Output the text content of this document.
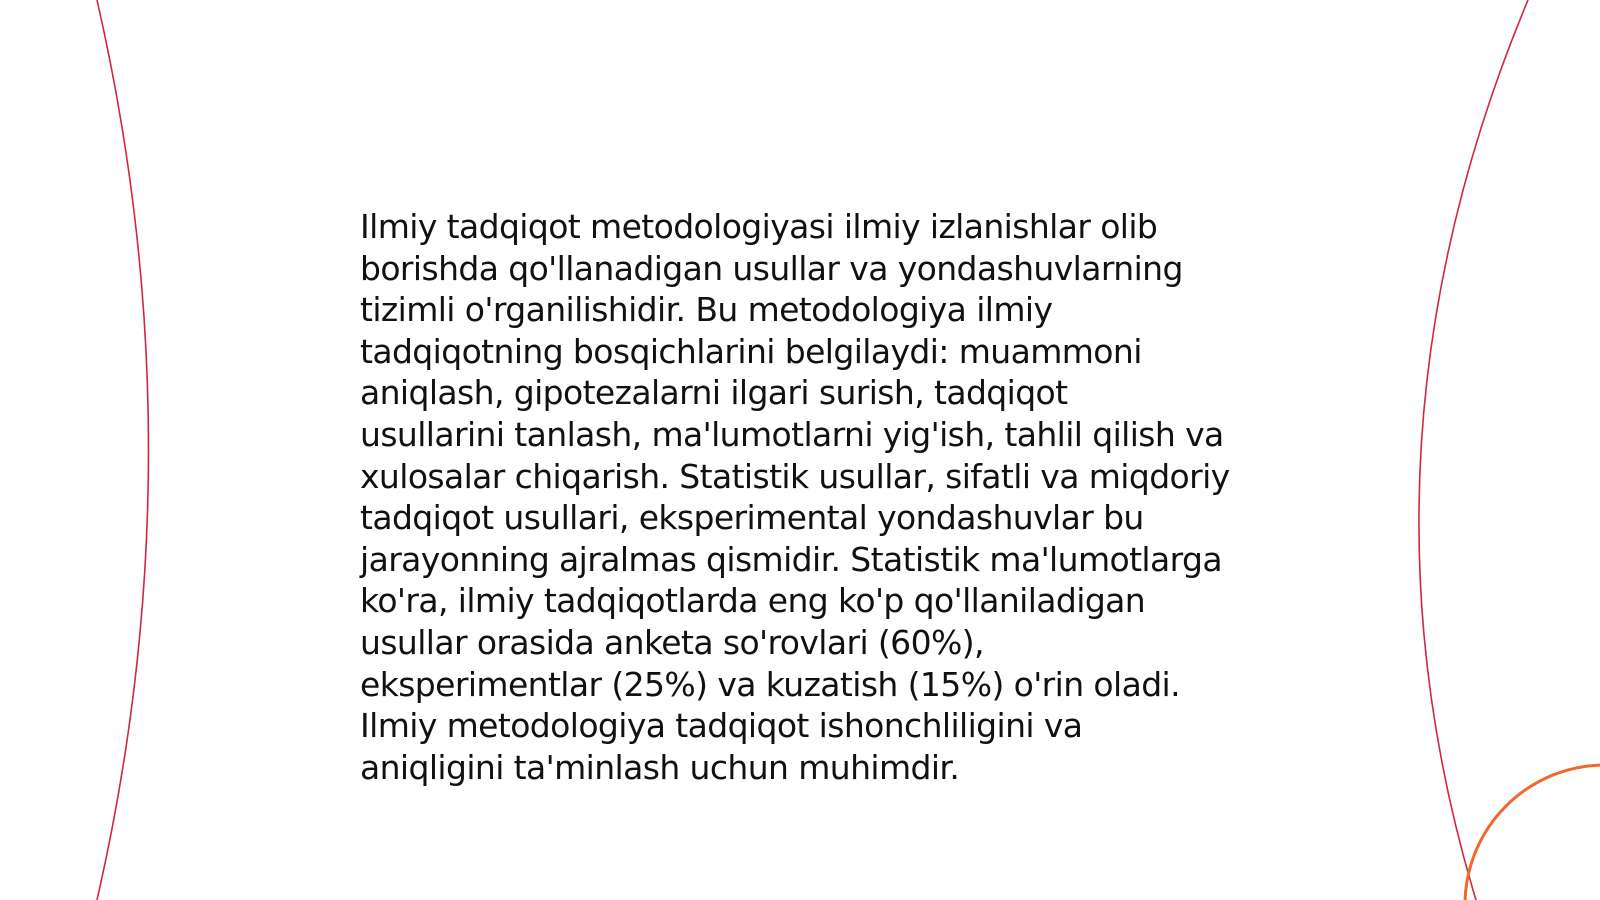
Ilmiy tadqiqot metodologiyasi ilmiy izlanishlar olib
borishda qo'llanadigan usullar va yondashuvlarning
tizimli o'rganilishidir. Bu metodologiya ilmiy
tadqiqotning bosqichlarini belgilaydi: muammoni
aniqlash, gipotezalarni ilgari surish, tadqiqot
usullarini tanlash, ma'lumotlarni yig'ish, tahlil qilish va
xulosalar chiqarish. Statistik usullar, sifatli va miqdoriy
tadqiqot usullari, eksperimental yondashuvlar bu
jarayonning ajralmas qismidir. Statistik ma'lumotlarga
ko'ra, ilmiy tadqiqotlarda eng ko'p qo'llaniladigan
usullar orasida anketa so'rovlari (60%),
eksperimentlar (25%) va kuzatish (15%) o'rin oladi.
Ilmiy metodologiya tadqiqot ishonchliligini va
aniqligini ta'minlash uchun muhimdir.
